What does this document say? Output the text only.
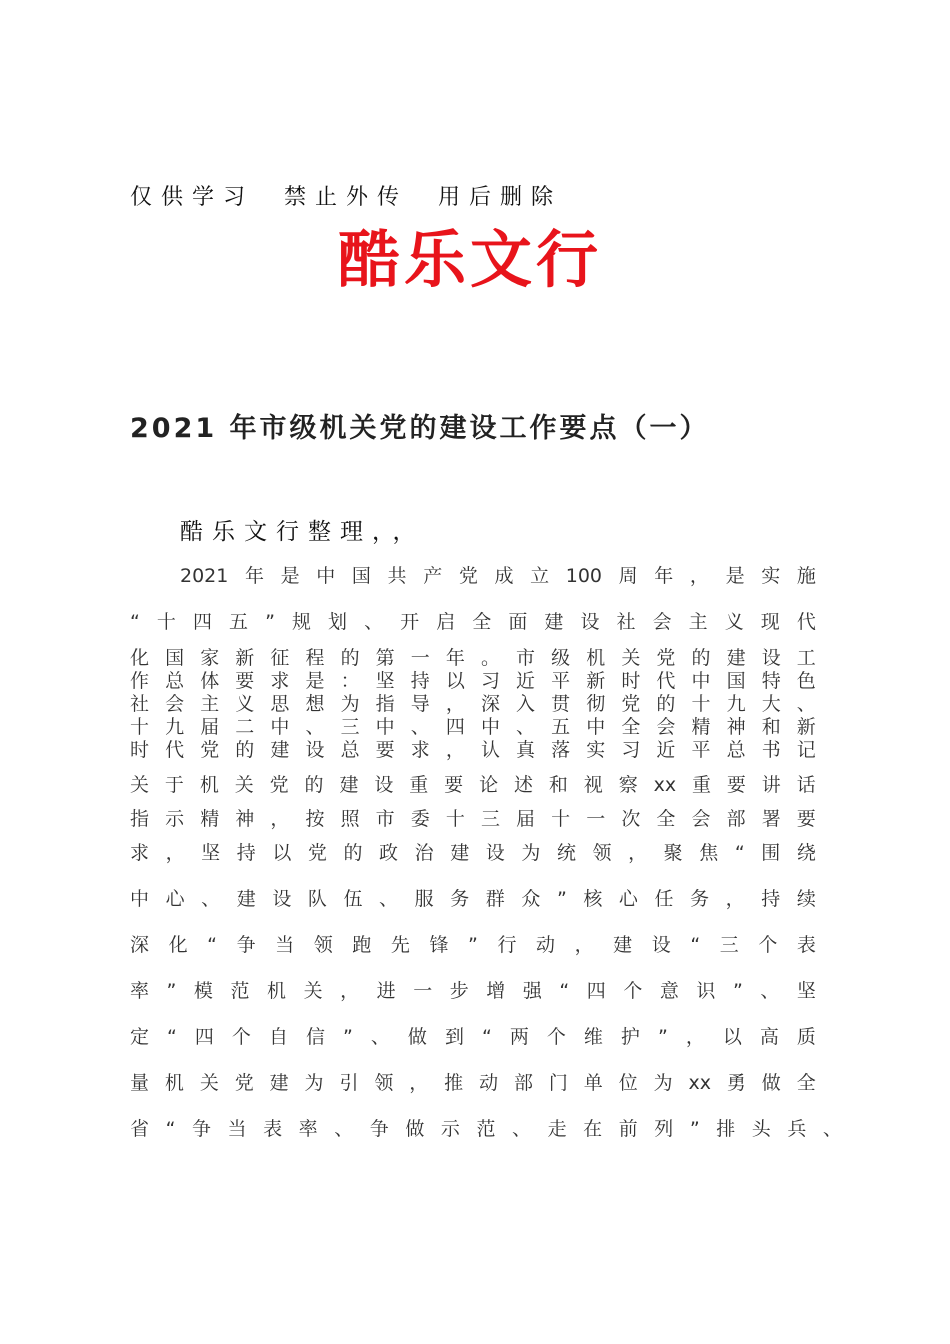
仅供学习 禁止外传 用后删除
酷乐文行
2021 年市级机关党的建设工作要点（一）
酷乐文行整理，，
2021 年 是 中 国 共 产 党 成 立 100 周 年 ， 是 实 施
“ 十 四 五 ” 规 划 、 开 启 全 面 建 设 社 会 主 义 现 代
化 国 家 新 征 程 的 第 一 年 。 市 级 机 关 党 的 建 设 工
作 总 体 要 求 是 ： 坚 持 以 习 近 平 新 时 代 中 国 特 色
社 会 主 义 思 想 为 指 导 ， 深 入 贯 彻 党 的 十 九 大 、
十 九 届 二 中 、 三 中 、 四 中 、 五 中 全 会 精 神 和 新
时 代 党 的 建 设 总 要 求 ， 认 真 落 实 习 近 平 总 书 记
关 于 机 关 党 的 建 设 重 要 论 述 和 视 察 xx 重 要 讲 话
指 示 精 神 ， 按 照 市 委 十 三 届 十 一 次 全 会 部 署 要
求 ， 坚 持 以 党 的 政 治 建 设 为 统 领 ， 聚 焦 “ 围 绕
中 心 、 建 设 队 伍 、 服 务 群 众 ” 核 心 任 务 ， 持 续
深 化 “ 争 当 领 跑 先 锋 ” 行 动 ， 建 设 “ 三 个 表
率 ” 模 范 机 关 ， 进 一 步 增 强 “ 四 个 意 识 ” 、 坚
定 “ 四 个 自 信 ” 、 做 到 “ 两 个 维 护 ” ， 以 高 质
量 机 关 党 建 为 引 领 ， 推 动 部 门 单 位 为 xx 勇 做 全
省 “ 争 当 表 率 、 争 做 示 范 、 走 在 前 列 ” 排 头 兵 、
